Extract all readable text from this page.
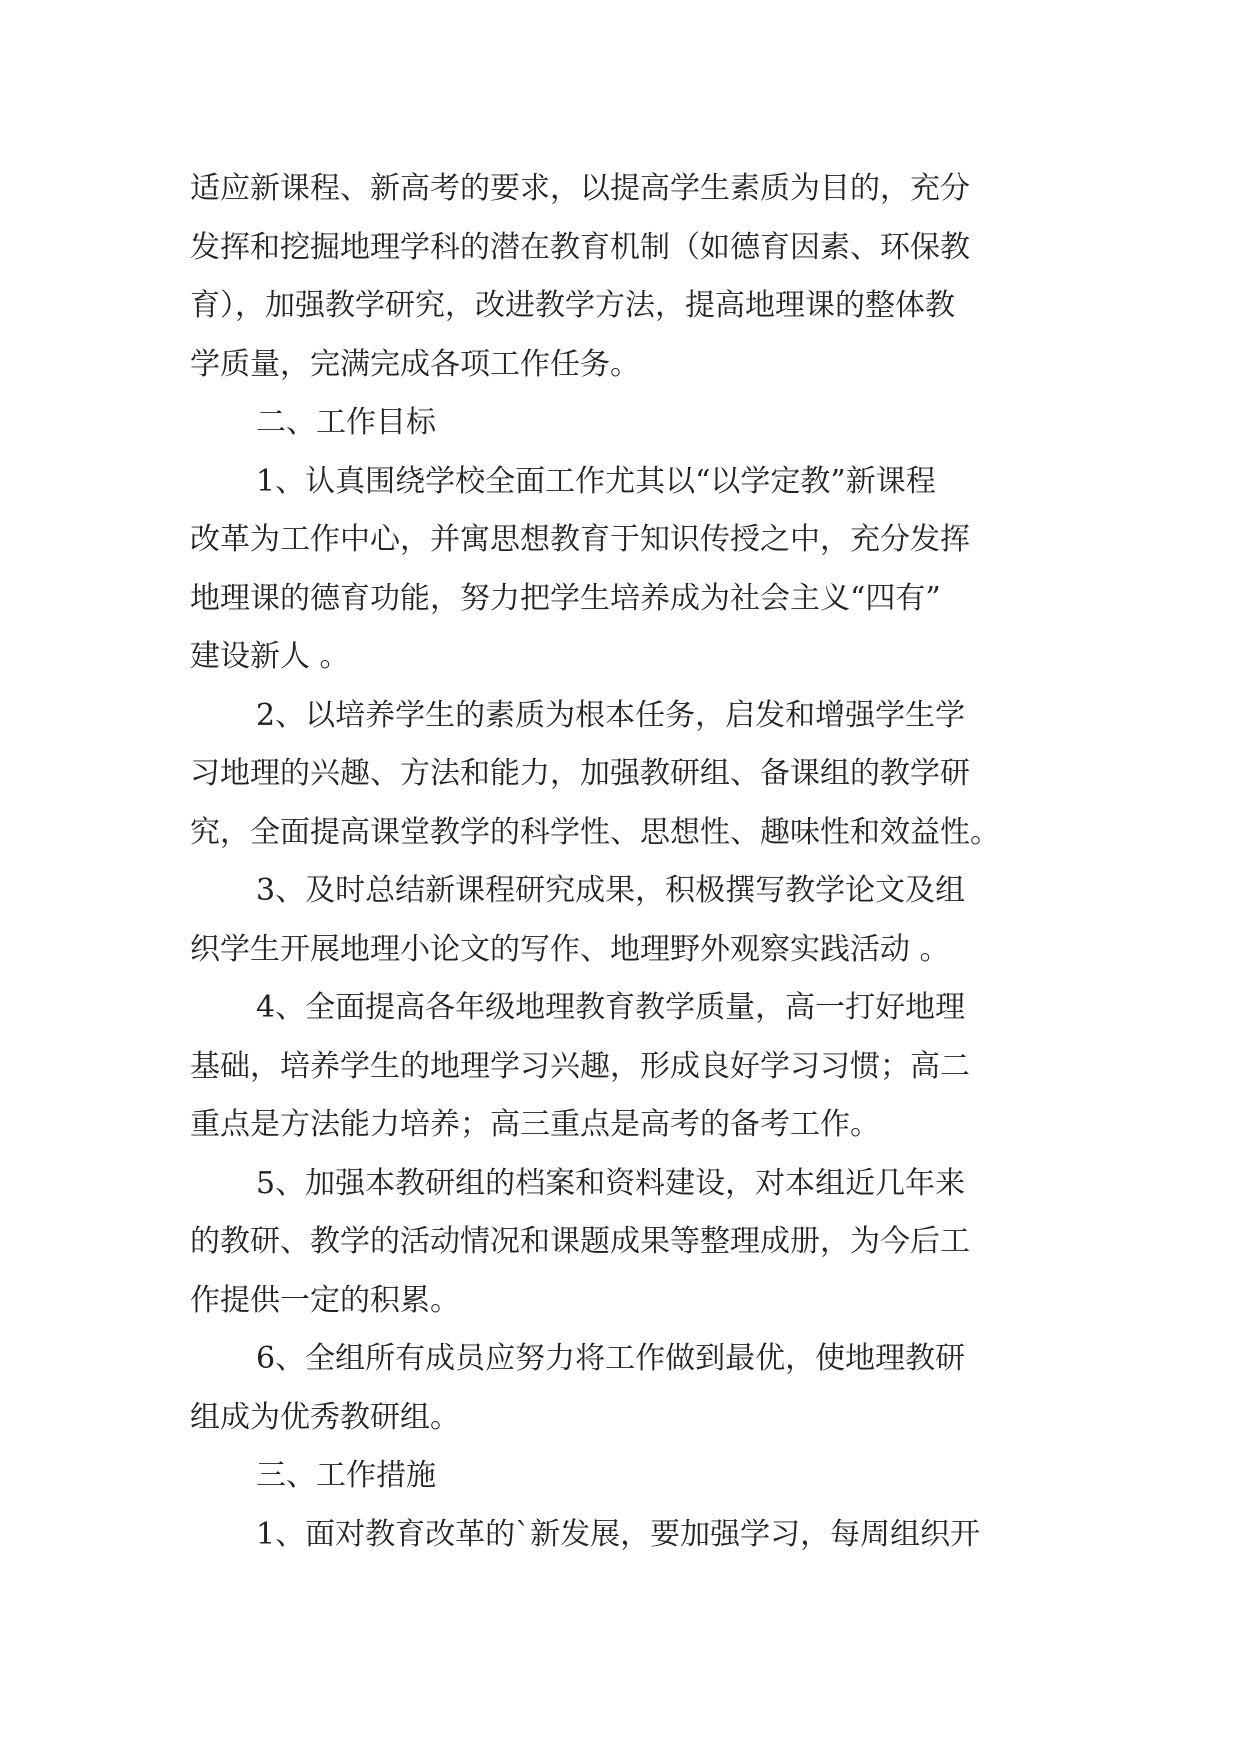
适应新课程、新高考的要求，以提高学生素质为目的，充分
发挥和挖掘地理学科的潜在教育机制（如德育因素、环保教
育），加强教学研究，改进教学方法，提高地理课的整体教
学质量，完满完成各项工作任务。
二、工作目标
1、认真围绕学校全面工作尤其以“以学定教”新课程
改革为工作中心，并寓思想教育于知识传授之中，充分发挥
地理课的德育功能，努力把学生培养成为社会主义“四有”
建设新人 。
2、以培养学生的素质为根本任务，启发和增强学生学
习地理的兴趣、方法和能力，加强教研组、备课组的教学研
究，全面提高课堂教学的科学性、思想性、趣味性和效益性。
3、及时总结新课程研究成果，积极撰写教学论文及组
织学生开展地理小论文的写作、地理野外观察实践活动 。
4、全面提高各年级地理教育教学质量，高一打好地理
基础，培养学生的地理学习兴趣，形成良好学习习惯；高二
重点是方法能力培养；高三重点是高考的备考工作。
5、加强本教研组的档案和资料建设，对本组近几年来
的教研、教学的活动情况和课题成果等整理成册，为今后工
作提供一定的积累。
6、全组所有成员应努力将工作做到最优，使地理教研
组成为优秀教研组。
三、工作措施
1、面对教育改革的`新发展，要加强学习，每周组织开
